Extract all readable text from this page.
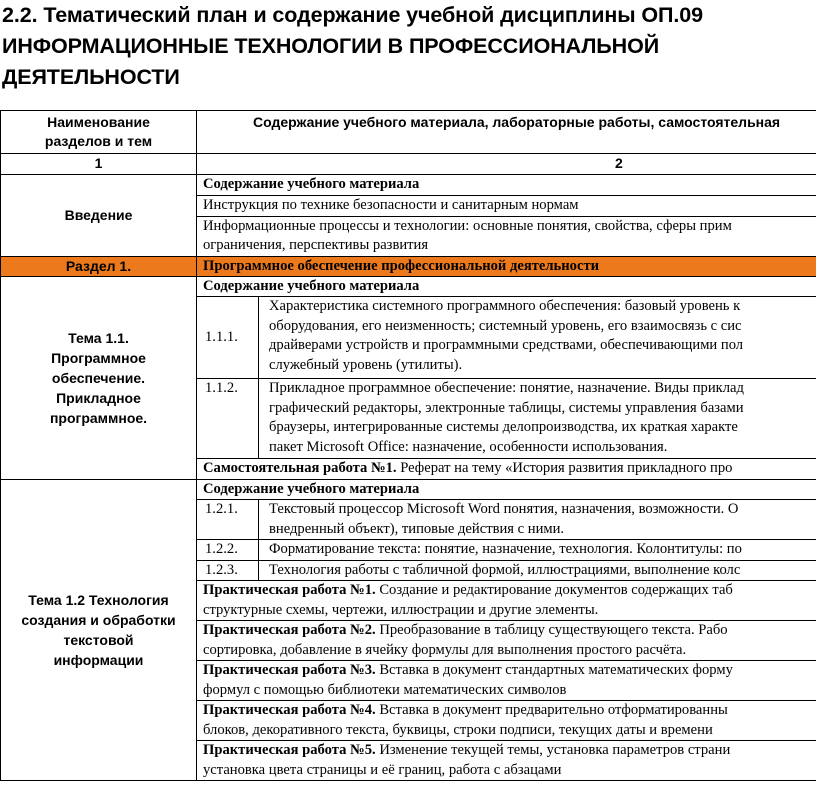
2.2. Тематический план и содержание учебной дисциплины ОП.09
ИНФОРМАЦИОННЫЕ ТЕХНОЛОГИИ В ПРОФЕССИОНАЛЬНОЙ
ДЕЯТЕЛЬНОСТИ
Наименование
разделов и тем	Содержание учебного материала, лабораторные работы, самостоятельная	

1	2	
Введение	Содержание учебного материала	

	Инструкция по технике безопасности и санитарным нормам	

	Информационные процессы и технологии: основные понятия, свойства, сферы прим
ограничения, перспективы развития	

Раздел 1.	Программное обеспечение профессиональной деятельности	

Тема 1.1.
Программное
обеспечение.
Прикладное
программное.	Содержание учебного материала	
	1.1.1.	Характеристика системного программного обеспечения: базовый уровень к
оборудования, его неизменность; системный уровень, его взаимосвязь с сис
драйверами устройств и программными средствами, обеспечивающими пол
служебный уровень (утилиты).

	1.1.2.	Прикладное программное обеспечение: понятие, назначение. Виды приклад
графический редакторы, электронные таблицы, системы управления базами
браузеры, интегрированные системы делопроизводства, их краткая характе
пакет Microsoft Office: назначение, особенности использования.

	Самостоятельная работа №1. Реферат на тему «История развития прикладного про	

Тема 1.2 Технология
создания и обработки
текстовой
информации	Содержание учебного материала	
	1.2.1.	Текстовый процессор Microsoft Word понятия, назначения, возможности. О
внедренный объект), типовые действия с ними.

	1.2.2.	Форматирование текста: понятие, назначение, технология. Колонтитулы: по

	1.2.3.	Технология работы с табличной формой, иллюстрациями, выполнение колс

	Практическая работа №1. Создание и редактирование документов содержащих таб
структурные схемы, чертежи, иллюстрации и другие элементы.	

	Практическая работа №2. Преобразование в таблицу существующего текста. Рабо
сортировка, добавление в ячейку формулы для выполнения простого расчёта.	

	Практическая работа №3. Вставка в документ стандартных математических форму
формул с помощью библиотеки математических символов	

	Практическая работа №4. Вставка в документ предварительно отформатированны
блоков, декоративного текста, буквицы, строки подписи, текущих даты и времени	

	Практическая работа №5. Изменение текущей темы, установка параметров страни
установка цвета страницы и её границ, работа с абзацами	
